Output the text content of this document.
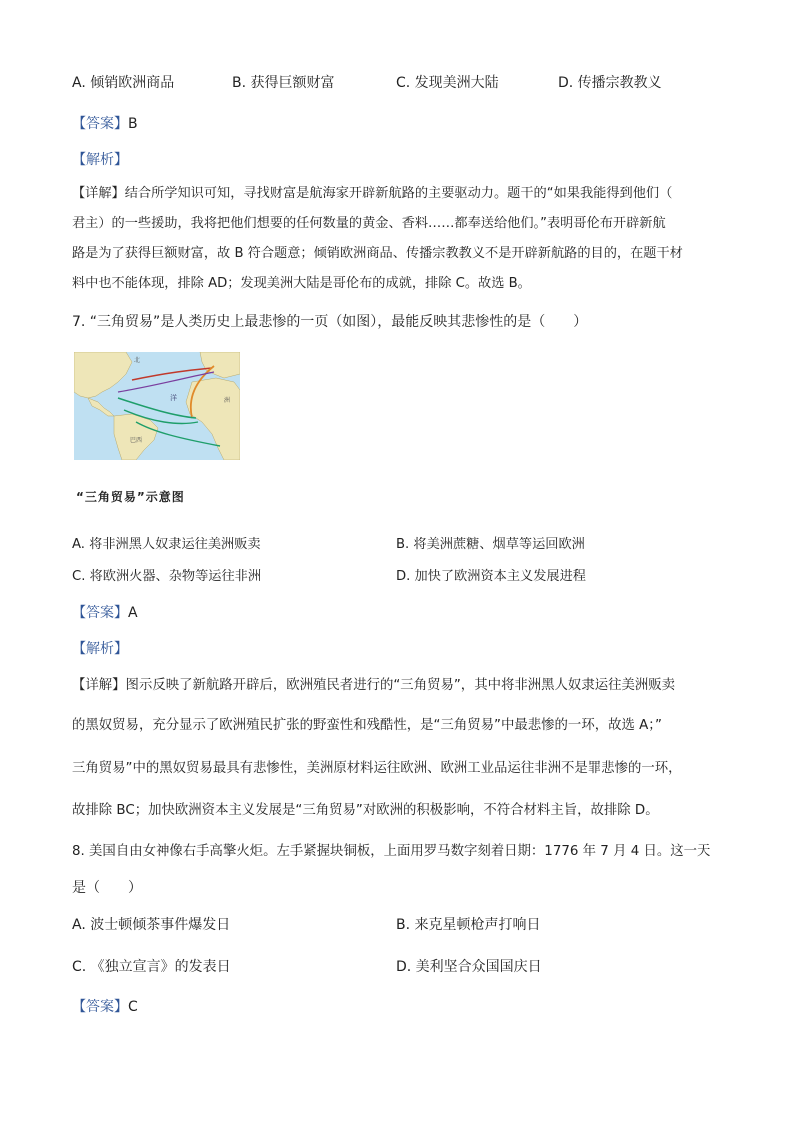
A. 倾销欧洲商品	B. 获得巨额财富	C. 发现美洲大陆	D. 传播宗教教义
【答案】B
【解析】
【详解】结合所学知识可知，寻找财富是航海家开辟新航路的主要驱动力。题干的“如果我能得到他们（
君主）的一些援助，我将把他们想要的任何数量的黄金、香料……都奉送给他们。”表明哥伦布开辟新航
路是为了获得巨额财富，故 B 符合题意；倾销欧洲商品、传播宗教教义不是开辟新航路的目的，在题干材
料中也不能体现，排除 AD；发现美洲大陆是哥伦布的成就，排除 C。故选 B。
7. “三角贸易”是人类历史上最悲惨的一页（如图），最能反映其悲惨性的是（　　）
北
洲
洋
巴西
“三角贸易”示意图
A. 将非洲黑人奴隶运往美洲贩卖	B. 将美洲蔗糖、烟草等运回欧洲
C. 将欧洲火器、杂物等运往非洲	D. 加快了欧洲资本主义发展进程
【答案】A
【解析】
【详解】图示反映了新航路开辟后，欧洲殖民者进行的“三角贸易”，其中将非洲黑人奴隶运往美洲贩卖
的黑奴贸易，充分显示了欧洲殖民扩张的野蛮性和残酷性，是“三角贸易”中最悲惨的一环，故选 A；”
三角贸易”中的黑奴贸易最具有悲惨性，美洲原材料运往欧洲、欧洲工业品运往非洲不是罪悲惨的一环，
故排除 BC；加快欧洲资本主义发展是“三角贸易”对欧洲的积极影响，不符合材料主旨，故排除 D。
8. 美国自由女神像右手高擎火炬。左手紧握块铜板，上面用罗马数字刻着日期：1776 年 7 月 4 日。这一天
是（　　）
A. 波士顿倾茶事件爆发日	B. 来克星顿枪声打响日
C. 《独立宣言》的发表日	D. 美利坚合众国国庆日
【答案】C
